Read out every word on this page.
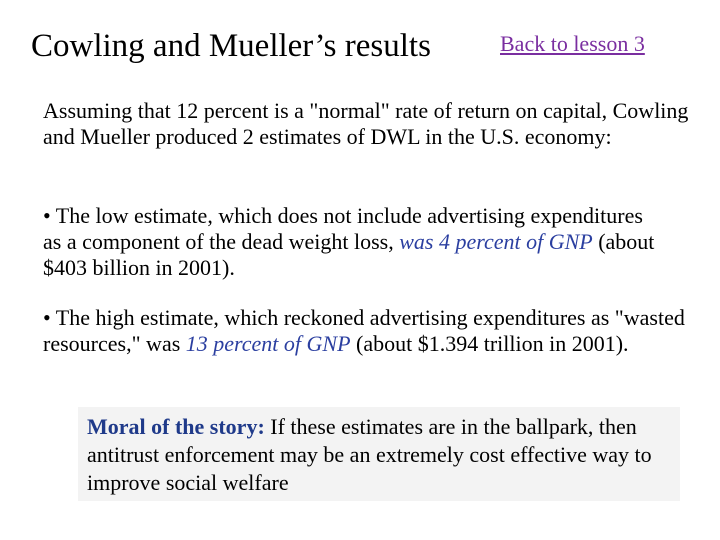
Cowling and Mueller’s results	Back to lesson 3

Assuming that 12 percent is a "normal" rate of return on capital, Cowling and Mueller produced 2 estimates of DWL in the U.S. economy:

• The low estimate, which does not include advertising expenditures as a component of the dead weight loss, was 4 percent of GNP (about $403 billion in 2001).

• The high estimate, which reckoned advertising expenditures as "wasted resources," was 13 percent of GNP (about $1.394 trillion in 2001).

Moral of the story: If these estimates are in the ballpark, then antitrust enforcement may be an extremely cost effective way to improve social welfare
